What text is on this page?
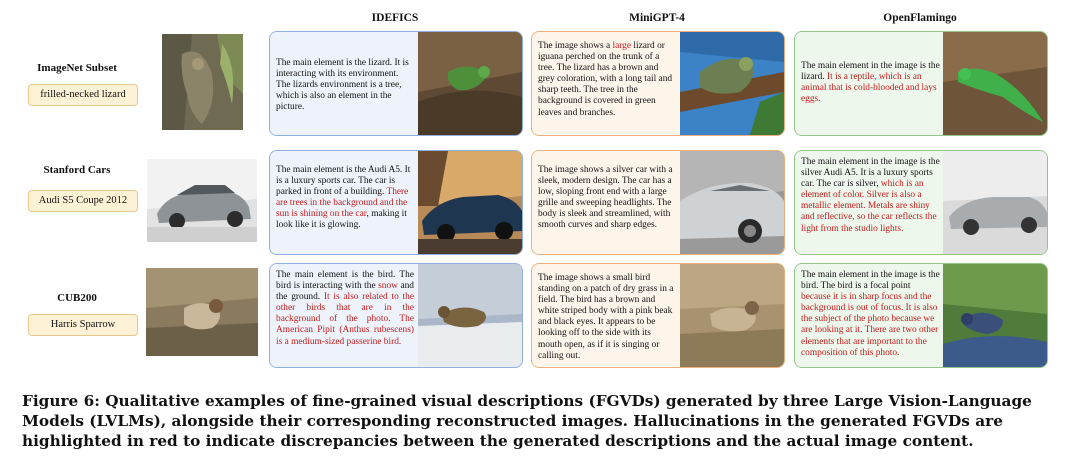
IDEFICS	MiniGPT-4	OpenFlamingo
ImageNet Subset
frilled-necked lizard
The main element is the lizard. It is interacting with its environment. The lizards environment is a tree, which is also an element in the picture.
The image shows a large lizard or iguana perched on the trunk of a tree. The lizard has a brown and grey coloration, with a long tail and sharp teeth. The tree in the background is covered in green leaves and branches.
The main element in the image is the lizard. It is a reptile, which is an animal that is cold-blooded and lays eggs.
Stanford Cars
Audi S5 Coupe 2012
The main element is the Audi A5. It is a luxury sports car. The car is parked in front of a building. There are trees in the background and the sun is shining on the car, making it look like it is glowing.
The image shows a silver car with a sleek, modern design. The car has a low, sloping front end with a large grille and sweeping headlights. The body is sleek and streamlined, with smooth curves and sharp edges.
The main element in the image is the silver Audi A5. It is a luxury sports car. The car is silver, which is an element of color. Silver is also a metallic element. Metals are shiny and reflective, so the car reflects the light from the studio lights.
CUB200
Harris Sparrow
The main element is the bird. The bird is interacting with the snow and the ground. It is also related to the other birds that are in the background of the photo. The American Pipit (Anthus rubescens) is a medium-sized passerine bird.
The image shows a small bird standing on a patch of dry grass in a field. The bird has a brown and white striped body with a pink beak and black eyes. It appears to be looking off to the side with its mouth open, as if it is singing or calling out.
The main element in the image is the bird. The bird is a focal point because it is in sharp focus and the background is out of focus. It is also the subject of the photo because we are looking at it. There are two other elements that are important to the composition of this photo.
Figure 6: Qualitative examples of fine-grained visual descriptions (FGVDs) generated by three Large Vision-Language Models (LVLMs), alongside their corresponding reconstructed images. Hallucinations in the generated FGVDs are highlighted in red to indicate discrepancies between the generated descriptions and the actual image content.
